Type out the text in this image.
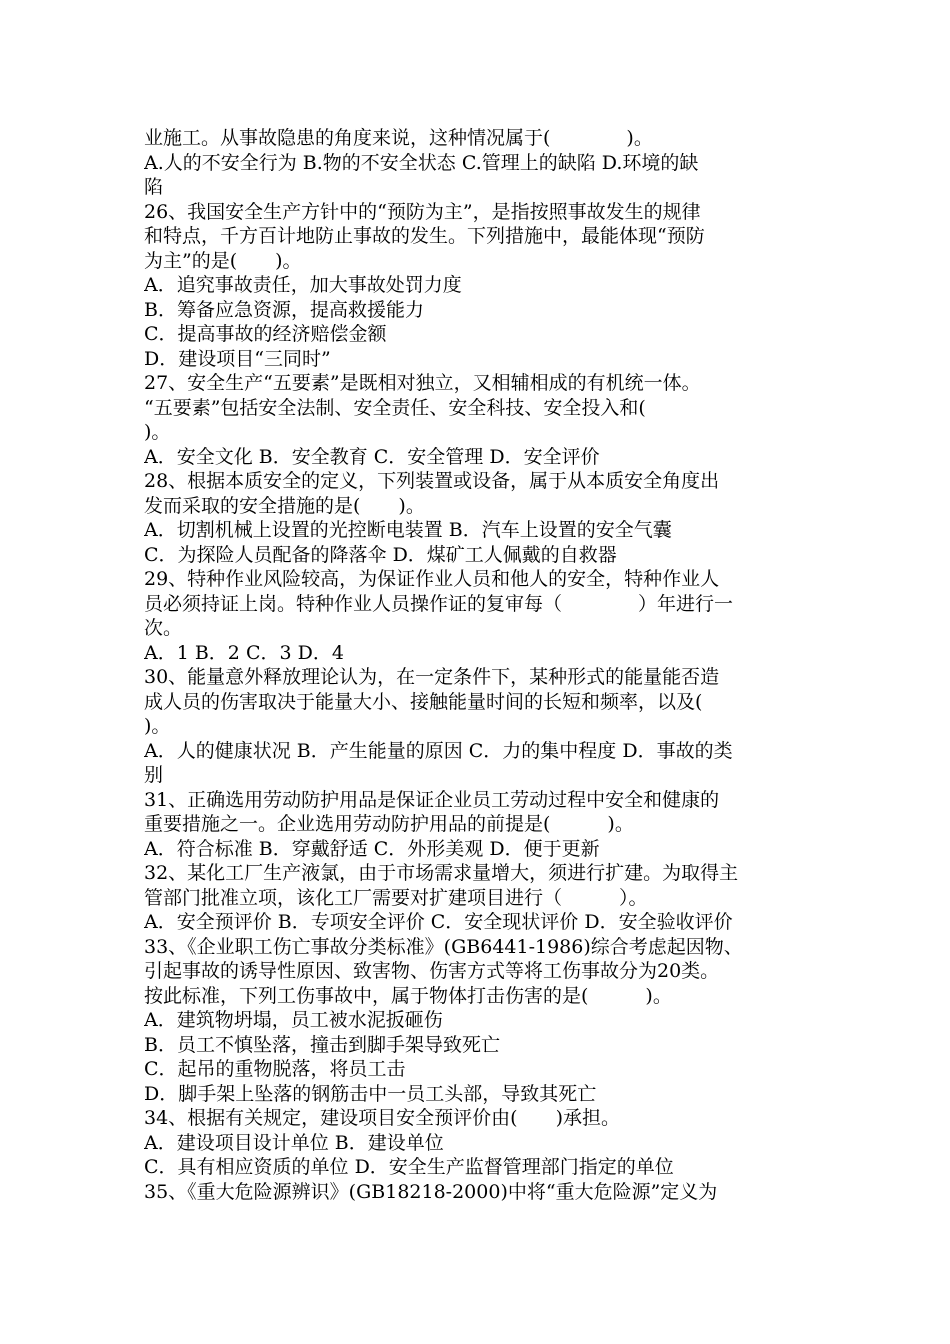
业施工。从事故隐患的角度来说，这种情况属于(　　　　)。
A.人的不安全行为 B.物的不安全状态 C.管理上的缺陷 D.环境的缺
陷
26、我国安全生产方针中的“预防为主”，是指按照事故发生的规律
和特点，千方百计地防止事故的发生。下列措施中，最能体现“预防
为主”的是(　　)。
A．追究事故责任，加大事故处罚力度
B．筹备应急资源，提高救援能力
C．提高事故的经济赔偿金额
D．建设项目“三同时”
27、安全生产“五要素”是既相对独立，又相辅相成的有机统一体。
“五要素”包括安全法制、安全责任、安全科技、安全投入和(
)。
A．安全文化 B．安全教育 C．安全管理 D．安全评价
28、根据本质安全的定义，下列装置或设备，属于从本质安全角度出
发而采取的安全措施的是(　　)。
A．切割机械上设置的光控断电装置 B．汽车上设置的安全气囊
C．为探险人员配备的降落伞 D．煤矿工人佩戴的自救器
29、特种作业风险较高，为保证作业人员和他人的安全，特种作业人
员必须持证上岗。特种作业人员操作证的复审每（　　　　）年进行一
次。
A．1 B．2 C．3 D．4
30、能量意外释放理论认为，在一定条件下，某种形式的能量能否造
成人员的伤害取决于能量大小、接触能量时间的长短和频率，以及(
)。
A．人的健康状况 B．产生能量的原因 C．力的集中程度 D．事故的类
别
31、正确选用劳动防护用品是保证企业员工劳动过程中安全和健康的
重要措施之一。企业选用劳动防护用品的前提是(　　　)。
A．符合标准 B．穿戴舒适 C．外形美观 D．便于更新
32、某化工厂生产液氯，由于市场需求量增大，须进行扩建。为取得主
管部门批准立项，该化工厂需要对扩建项目进行（　　　）。
A．安全预评价 B．专项安全评价 C．安全现状评价 D．安全验收评价
33、《企业职工伤亡事故分类标准》(GB6441-1986)综合考虑起因物、
引起事故的诱导性原因、致害物、伤害方式等将工伤事故分为20类。
按此标准，下列工伤事故中，属于物体打击伤害的是(　　　)。
A．建筑物坍塌，员工被水泥扳砸伤
B．员工不慎坠落，撞击到脚手架导致死亡
C．起吊的重物脱落，将员工击
D．脚手架上坠落的钢筋击中一员工头部，导致其死亡
34、根据有关规定，建设项目安全预评价由(　　)承担。
A．建设项目设计单位 B．建设单位
C．具有相应资质的单位 D．安全生产监督管理部门指定的单位
35、《重大危险源辨识》(GB18218-2000)中将“重大危险源”定义为
